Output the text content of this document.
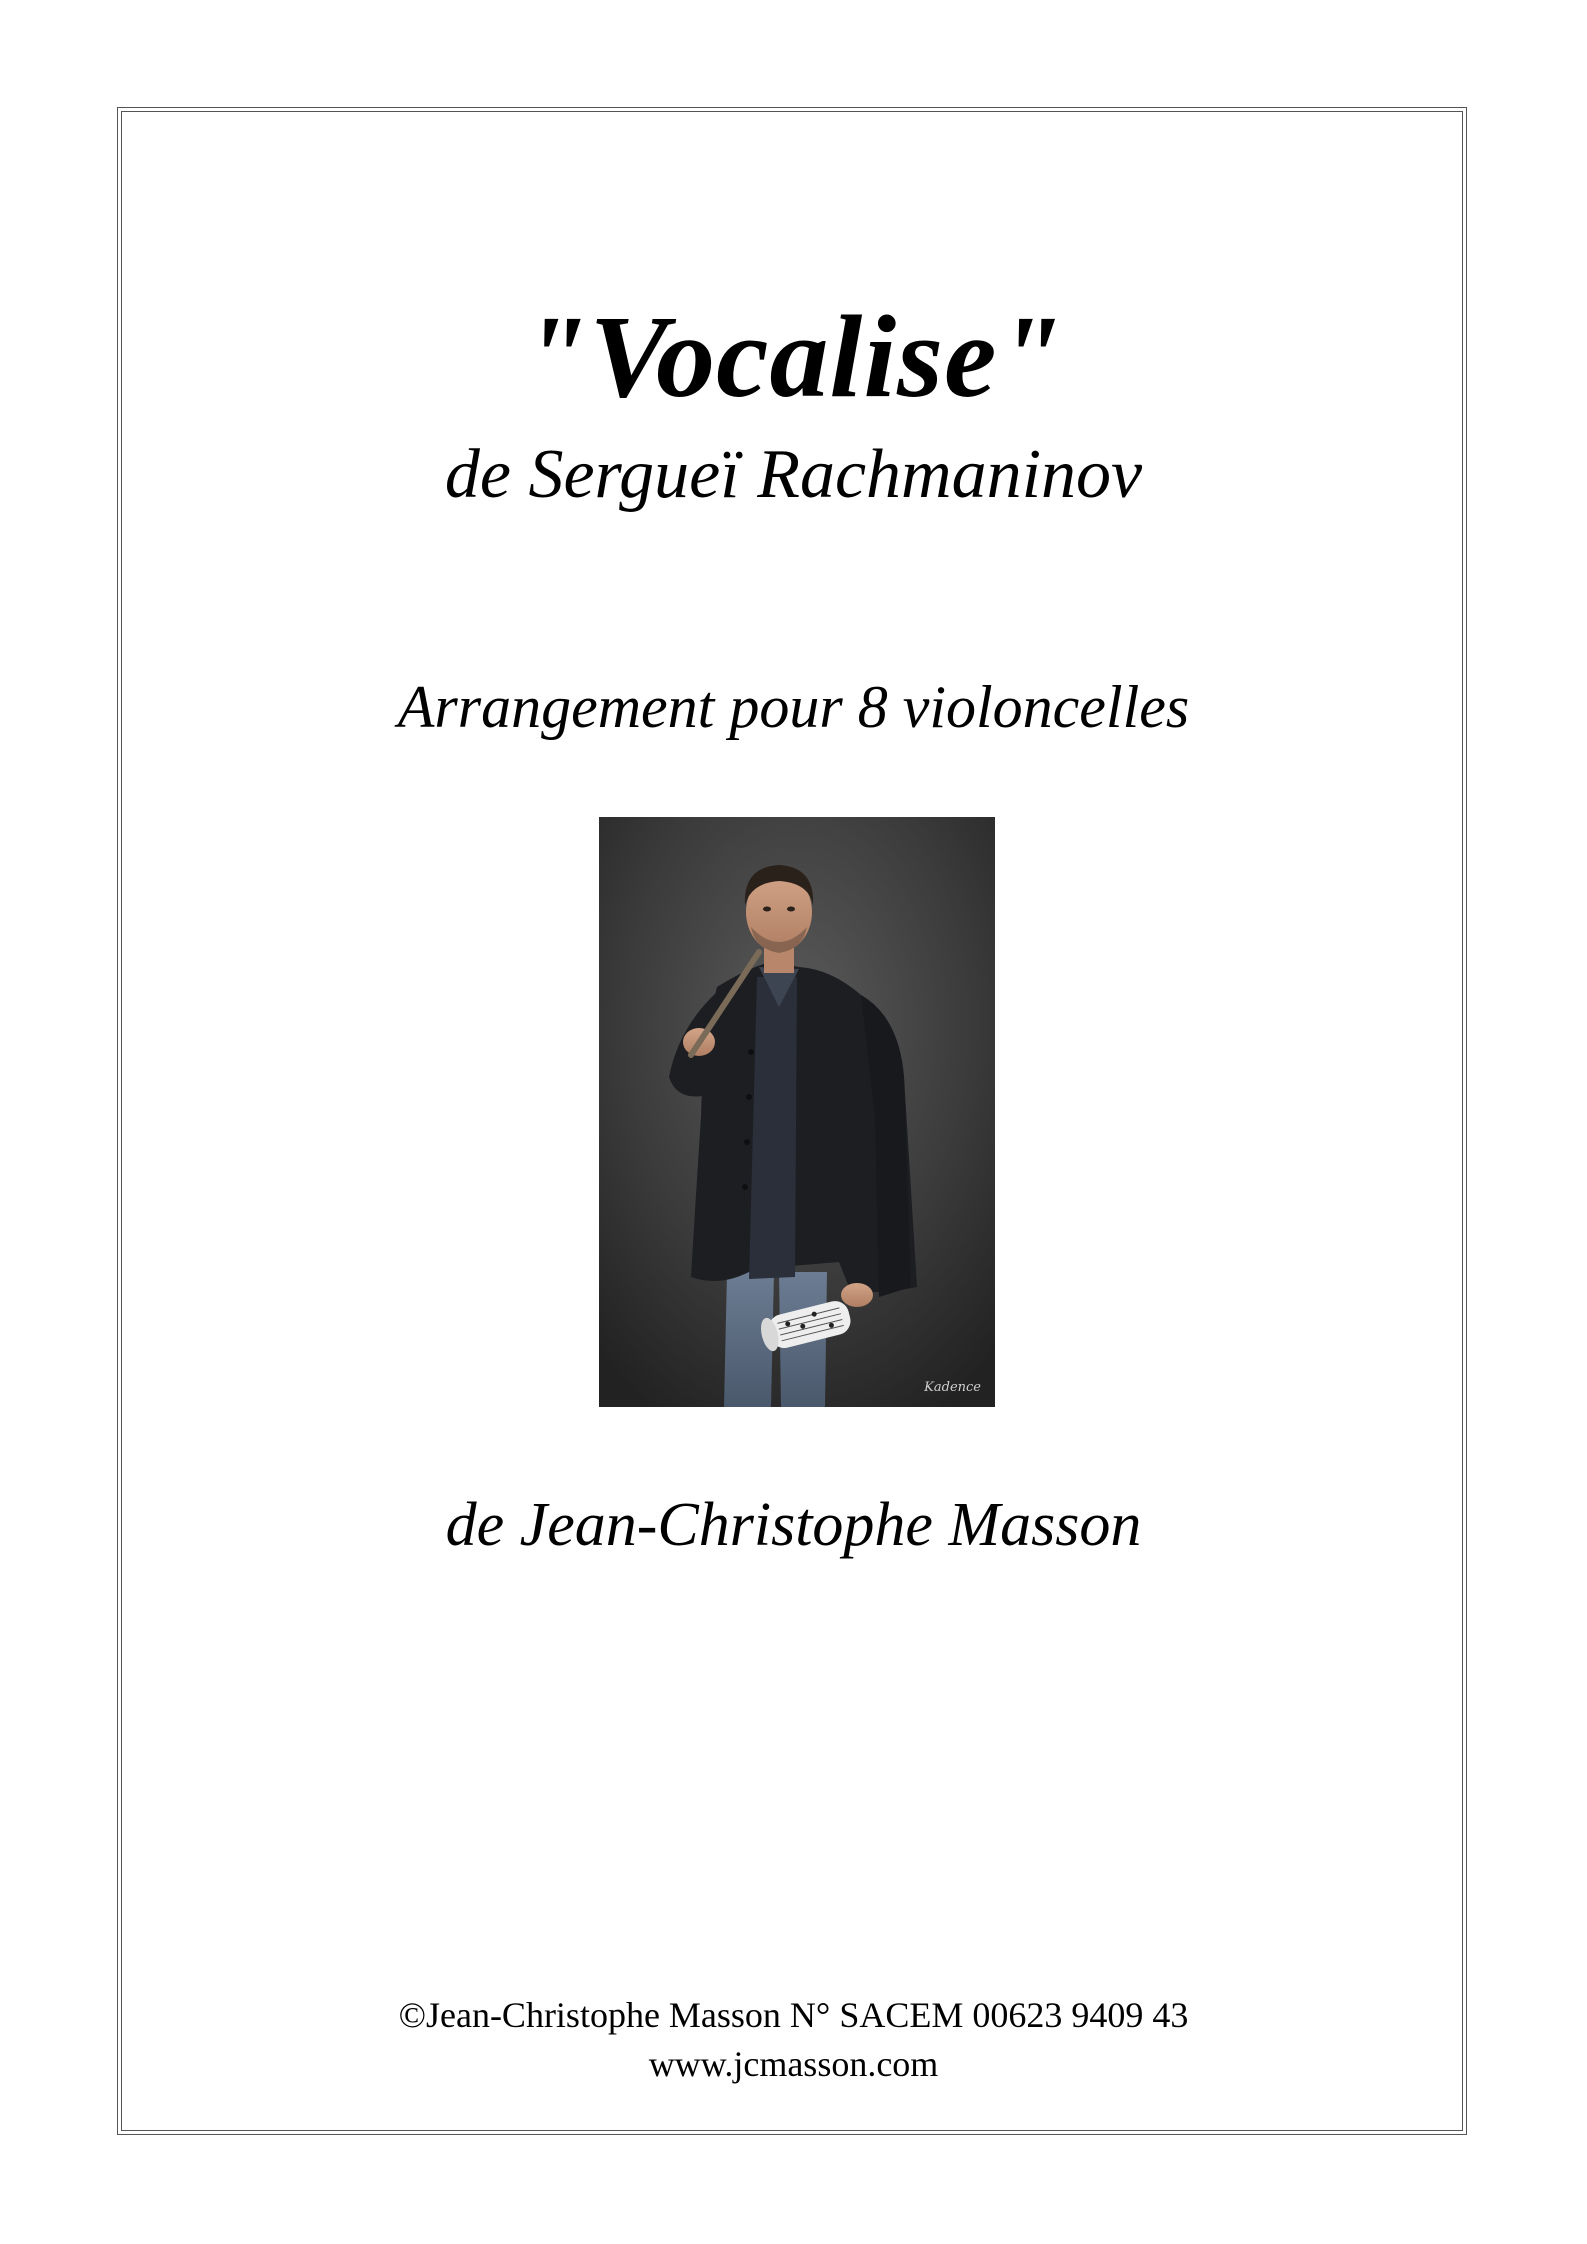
"Vocalise"
de Sergueï Rachmaninov
Arrangement pour 8 violoncelles
Kadence
de Jean-Christophe Masson
©Jean-Christophe Masson N° SACEM 00623 9409 43
www.jcmasson.com
